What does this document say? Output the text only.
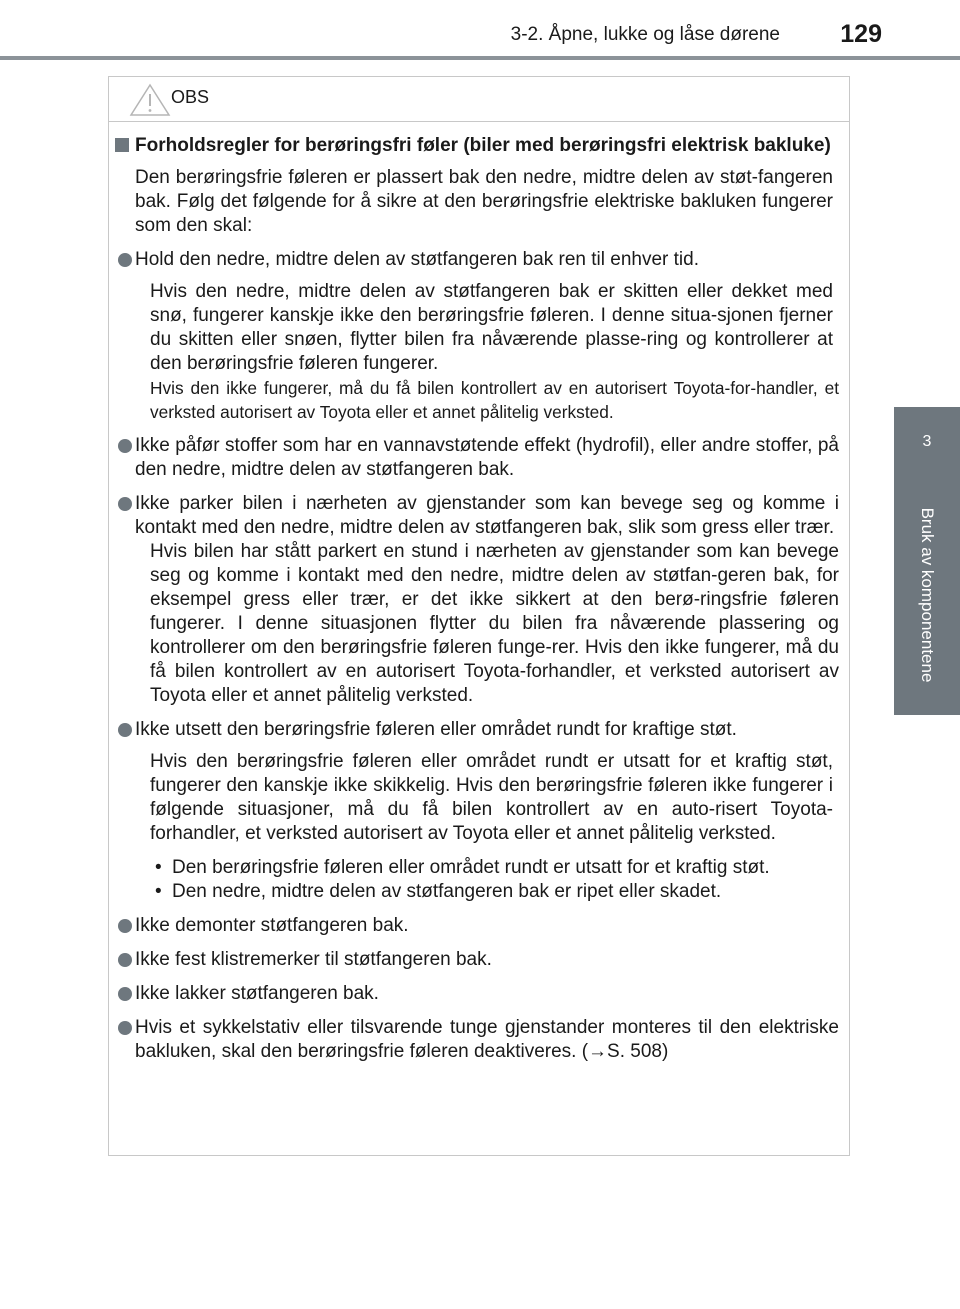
3-2. Åpne, lukke og låse dørene 129
3
Bruk av komponentene
OBS

Forholdsregler for berøringsfri føler (biler med berøringsfri elektrisk bakluke)

Den berøringsfrie føleren er plassert bak den nedre, midtre delen av støt-fangeren bak. Følg det følgende for å sikre at den berøringsfrie elektriske bakluken fungerer som den skal:

Hold den nedre, midtre delen av støtfangeren bak ren til enhver tid.

Hvis den nedre, midtre delen av støtfangeren bak er skitten eller dekket med snø, fungerer kanskje ikke den berøringsfrie føleren. I denne situa-sjonen fjerner du skitten eller snøen, flytter bilen fra nåværende plasse-ring og kontrollerer at den berøringsfrie føleren fungerer.

Hvis den ikke fungerer, må du få bilen kontrollert av en autorisert Toyota-for-handler, et verksted autorisert av Toyota eller et annet pålitelig verksted.

Ikke påfør stoffer som har en vannavstøtende effekt (hydrofil), eller andre stoffer, på den nedre, midtre delen av støtfangeren bak.

Ikke parker bilen i nærheten av gjenstander som kan bevege seg og komme i kontakt med den nedre, midtre delen av støtfangeren bak, slik som gress eller trær.

Hvis bilen har stått parkert en stund i nærheten av gjenstander som kan bevege seg og komme i kontakt med den nedre, midtre delen av støtfan-geren bak, for eksempel gress eller trær, er det ikke sikkert at den berø-ringsfrie føleren fungerer. I denne situasjonen flytter du bilen fra nåværende plassering og kontrollerer om den berøringsfrie føleren funge-rer. Hvis den ikke fungerer, må du få bilen kontrollert av en autorisert Toyota-forhandler, et verksted autorisert av Toyota eller et annet pålitelig verksted.

Ikke utsett den berøringsfrie føleren eller området rundt for kraftige støt.

Hvis den berøringsfrie føleren eller området rundt er utsatt for et kraftig støt, fungerer den kanskje ikke skikkelig. Hvis den berøringsfrie føleren ikke fungerer i følgende situasjoner, må du få bilen kontrollert av en auto-risert Toyota-forhandler, et verksted autorisert av Toyota eller et annet pålitelig verksted.

• Den berøringsfrie føleren eller området rundt er utsatt for et kraftig støt.

• Den nedre, midtre delen av støtfangeren bak er ripet eller skadet.

Ikke demonter støtfangeren bak.

Ikke fest klistremerker til støtfangeren bak.

Ikke lakker støtfangeren bak.

Hvis et sykkelstativ eller tilsvarende tunge gjenstander monteres til den elektriske bakluken, skal den berøringsfrie føleren deaktiveres. (→S. 508)
